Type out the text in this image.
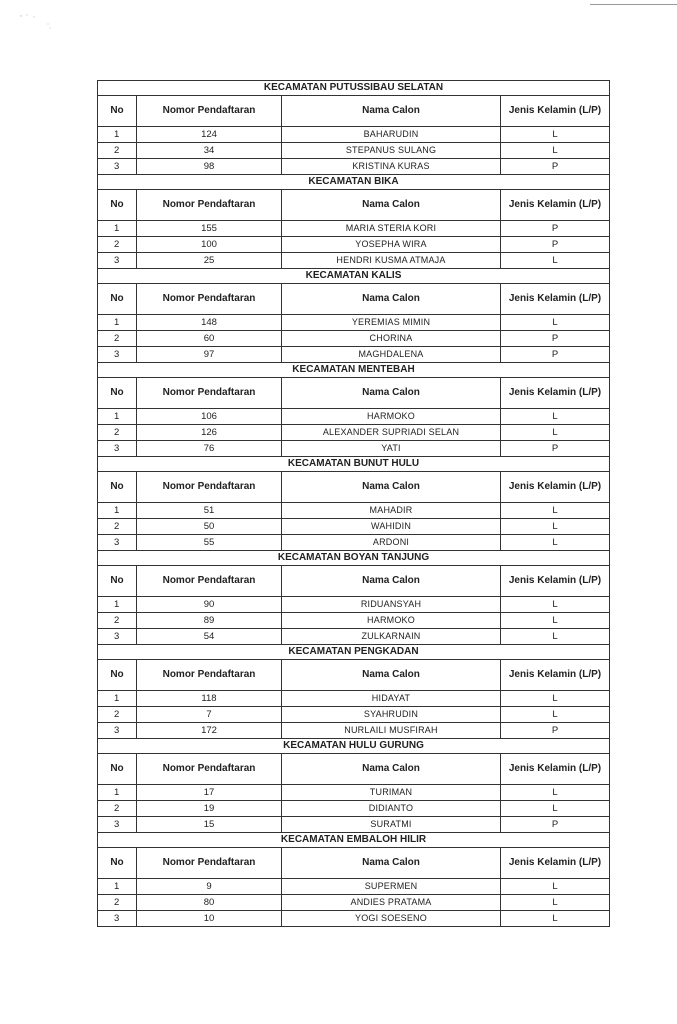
KECAMATAN PUTUSSIBAU SELATAN			
No	Nomor Pendaftaran	Nama Calon	Jenis Kelamin (L/P)
1	124	BAHARUDIN	L
2	34	STEPANUS SULANG	L
3	98	KRISTINA KURAS	P
KECAMATAN BIKA			
No	Nomor Pendaftaran	Nama Calon	Jenis Kelamin (L/P)
1	155	MARIA STERIA KORI	P
2	100	YOSEPHA WIRA	P
3	25	HENDRI KUSMA ATMAJA	L
KECAMATAN KALIS			
No	Nomor Pendaftaran	Nama Calon	Jenis Kelamin (L/P)
1	148	YEREMIAS MIMIN	L
2	60	CHORINA	P
3	97	MAGHDALENA	P
KECAMATAN MENTEBAH			
No	Nomor Pendaftaran	Nama Calon	Jenis Kelamin (L/P)
1	106	HARMOKO	L
2	126	ALEXANDER SUPRIADI SELAN	L
3	76	YATI	P
KECAMATAN BUNUT HULU			
No	Nomor Pendaftaran	Nama Calon	Jenis Kelamin (L/P)
1	51	MAHADIR	L
2	50	WAHIDIN	L
3	55	ARDONI	L
KECAMATAN BOYAN TANJUNG			
No	Nomor Pendaftaran	Nama Calon	Jenis Kelamin (L/P)
1	90	RIDUANSYAH	L
2	89	HARMOKO	L
3	54	ZULKARNAIN	L
KECAMATAN PENGKADAN			
No	Nomor Pendaftaran	Nama Calon	Jenis Kelamin (L/P)
1	118	HIDAYAT	L
2	7	SYAHRUDIN	L
3	172	NURLAILI MUSFIRAH	P
KECAMATAN HULU GURUNG			
No	Nomor Pendaftaran	Nama Calon	Jenis Kelamin (L/P)
1	17	TURIMAN	L
2	19	DIDIANTO	L
3	15	SURATMI	P
KECAMATAN EMBALOH HILIR			
No	Nomor Pendaftaran	Nama Calon	Jenis Kelamin (L/P)
1	9	SUPERMEN	L
2	80	ANDIES PRATAMA	L
3	10	YOGI SOESENO	L
